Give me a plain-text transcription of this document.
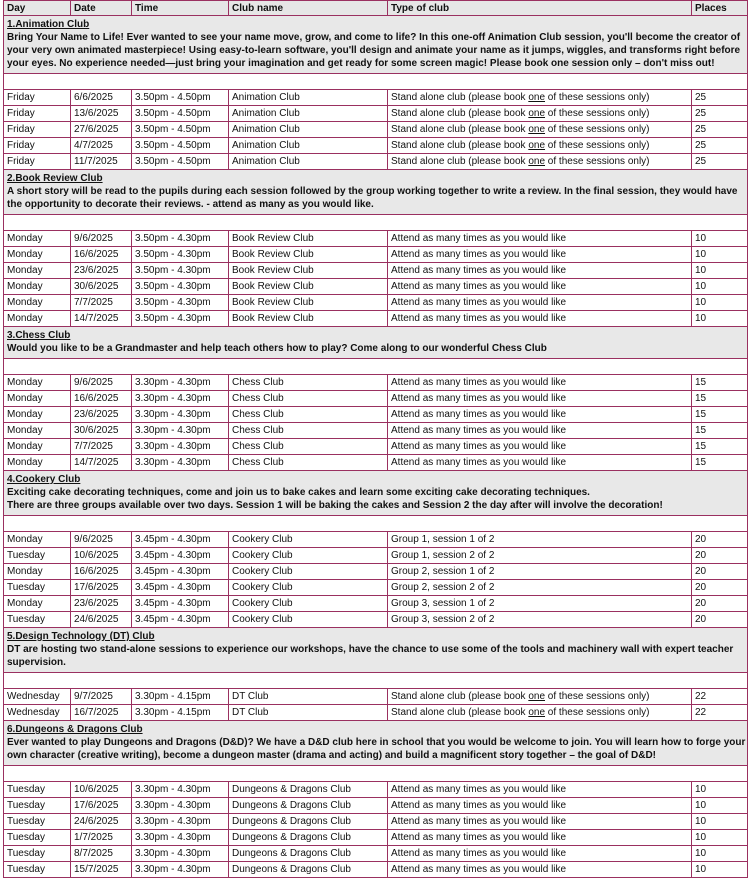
Day	Date	Time	Club name	Type of club	Places

1.Animation Club
Bring Your Name to Life! Ever wanted to see your name move, grow, and come to life? In this one-off Animation Club session, you'll become the creator of your very own animated masterpiece! Using easy-to-learn software, you'll design and animate your name as it jumps, wiggles, and transforms right before your eyes. No experience needed—just bring your imagination and get ready for some screen magic! Please book one session only – don't miss out!					

Friday	6/6/2025	3.50pm - 4.50pm	Animation Club	Stand alone club (please book one of these sessions only)	25
Friday	13/6/2025	3.50pm - 4.50pm	Animation Club	Stand alone club (please book one of these sessions only)	25
Friday	27/6/2025	3.50pm - 4.50pm	Animation Club	Stand alone club (please book one of these sessions only)	25
Friday	4/7/2025	3.50pm - 4.50pm	Animation Club	Stand alone club (please book one of these sessions only)	25
Friday	11/7/2025	3.50pm - 4.50pm	Animation Club	Stand alone club (please book one of these sessions only)	25

2.Book Review Club
A short story will be read to the pupils during each session followed by the group working together to write a review. In the final session, they would have the opportunity to decorate their reviews. - attend as many as you would like.					

Monday	9/6/2025	3.50pm - 4.30pm	Book Review Club	Attend as many times as you would like	10
Monday	16/6/2025	3.50pm - 4.30pm	Book Review Club	Attend as many times as you would like	10
Monday	23/6/2025	3.50pm - 4.30pm	Book Review Club	Attend as many times as you would like	10
Monday	30/6/2025	3.50pm - 4.30pm	Book Review Club	Attend as many times as you would like	10
Monday	7/7/2025	3.50pm - 4.30pm	Book Review Club	Attend as many times as you would like	10
Monday	14/7/2025	3.50pm - 4.30pm	Book Review Club	Attend as many times as you would like	10

3.Chess Club
Would you like to be a Grandmaster and help teach others how to play? Come along to our wonderful Chess Club					

Monday	9/6/2025	3.30pm - 4.30pm	Chess Club	Attend as many times as you would like	15
Monday	16/6/2025	3.30pm - 4.30pm	Chess Club	Attend as many times as you would like	15
Monday	23/6/2025	3.30pm - 4.30pm	Chess Club	Attend as many times as you would like	15
Monday	30/6/2025	3.30pm - 4.30pm	Chess Club	Attend as many times as you would like	15
Monday	7/7/2025	3.30pm - 4.30pm	Chess Club	Attend as many times as you would like	15
Monday	14/7/2025	3.30pm - 4.30pm	Chess Club	Attend as many times as you would like	15

4.Cookery Club
Exciting cake decorating techniques, come and join us to bake cakes and learn some exciting cake decorating techniques.
There are three groups available over two days. Session 1 will be baking the cakes and Session 2 the day after will involve the decoration!					

Monday	9/6/2025	3.45pm - 4.30pm	Cookery Club	Group 1, session 1 of 2	20
Tuesday	10/6/2025	3.45pm - 4.30pm	Cookery Club	Group 1, session 2 of 2	20
Monday	16/6/2025	3.45pm - 4.30pm	Cookery Club	Group 2, session 1 of 2	20
Tuesday	17/6/2025	3.45pm - 4.30pm	Cookery Club	Group 2, session 2 of 2	20
Monday	23/6/2025	3.45pm - 4.30pm	Cookery Club	Group 3, session 1 of 2	20
Tuesday	24/6/2025	3.45pm - 4.30pm	Cookery Club	Group 3, session 2 of 2	20

5.Design Technology (DT) Club
DT are hosting two stand-alone sessions to experience our workshops, have the chance to use some of the tools and machinery wall with expert teacher supervision.					

Wednesday	9/7/2025	3.30pm - 4.15pm	DT Club	Stand alone club (please book one of these sessions only)	22
Wednesday	16/7/2025	3.30pm - 4.15pm	DT Club	Stand alone club (please book one of these sessions only)	22

6.Dungeons & Dragons Club
Ever wanted to play Dungeons and Dragons (D&D)? We have a D&D club here in school that you would be welcome to join. You will learn how to forge your own character (creative writing), become a dungeon master (drama and acting) and build a magnificent story together – the goal of D&D!					

Tuesday	10/6/2025	3.30pm - 4.30pm	Dungeons & Dragons Club	Attend as many times as you would like	10
Tuesday	17/6/2025	3.30pm - 4.30pm	Dungeons & Dragons Club	Attend as many times as you would like	10
Tuesday	24/6/2025	3.30pm - 4.30pm	Dungeons & Dragons Club	Attend as many times as you would like	10
Tuesday	1/7/2025	3.30pm - 4.30pm	Dungeons & Dragons Club	Attend as many times as you would like	10
Tuesday	8/7/2025	3.30pm - 4.30pm	Dungeons & Dragons Club	Attend as many times as you would like	10
Tuesday	15/7/2025	3.30pm - 4.30pm	Dungeons & Dragons Club	Attend as many times as you would like	10
